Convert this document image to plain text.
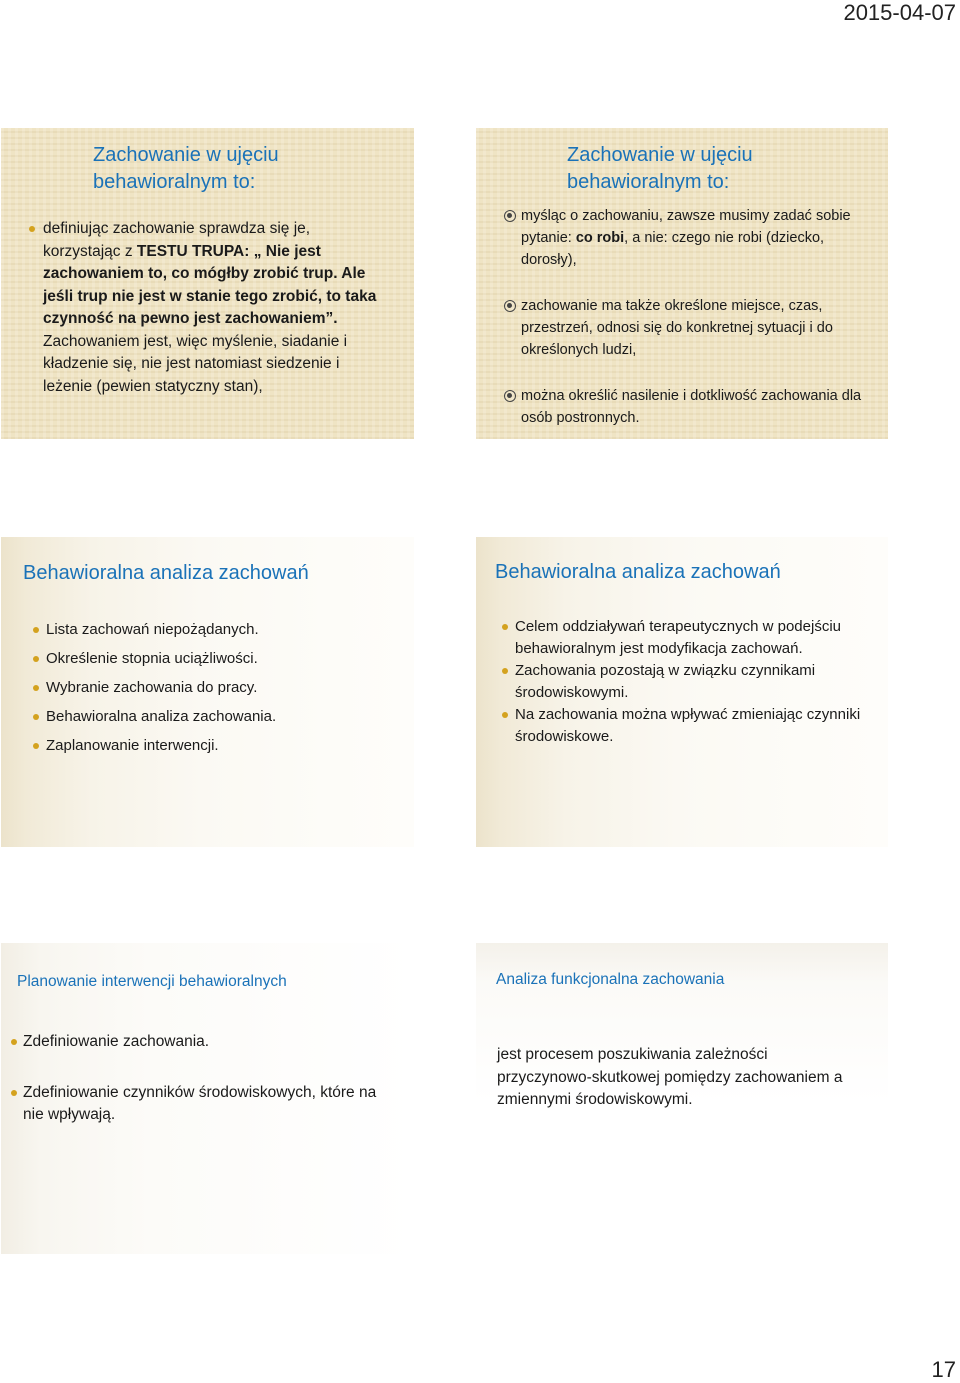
2015-04-07
Zachowanie w ujęciu
behawioralnym to:
definiując zachowanie sprawdza się je, korzystając z TESTU TRUPA: „ Nie jest zachowaniem to, co mógłby zrobić trup. Ale jeśli trup nie jest w stanie tego zrobić, to taka czynność na pewno jest zachowaniem”. Zachowaniem jest, więc myślenie, siadanie i kładzenie się, nie jest natomiast siedzenie i leżenie (pewien statyczny stan),
Zachowanie w ujęciu
behawioralnym to:
myśląc o zachowaniu, zawsze musimy zadać sobie pytanie: co robi, a nie: czego nie robi (dziecko, dorosły),
zachowanie ma także określone miejsce, czas, przestrzeń, odnosi się do konkretnej sytuacji i do określonych ludzi,
można określić nasilenie i dotkliwość zachowania dla osób postronnych.
Behawioralna analiza zachowań
Lista zachowań niepożądanych.
Określenie stopnia uciążliwości.
Wybranie zachowania do pracy.
Behawioralna analiza zachowania.
Zaplanowanie interwencji.
Behawioralna analiza zachowań
Celem oddziaływań terapeutycznych w podejściu behawioralnym jest modyfikacja zachowań.
Zachowania pozostają w związku czynnikami środowiskowymi.
Na zachowania można wpływać zmieniając czynniki środowiskowe.
Planowanie interwencji behawioralnych
Zdefiniowanie zachowania.
Zdefiniowanie czynników środowiskowych, które na nie wpływają.
Analiza funkcjonalna zachowania

jest procesem poszukiwania zależności przyczynowo-skutkowej pomiędzy zachowaniem a zmiennymi środowiskowymi.

17
